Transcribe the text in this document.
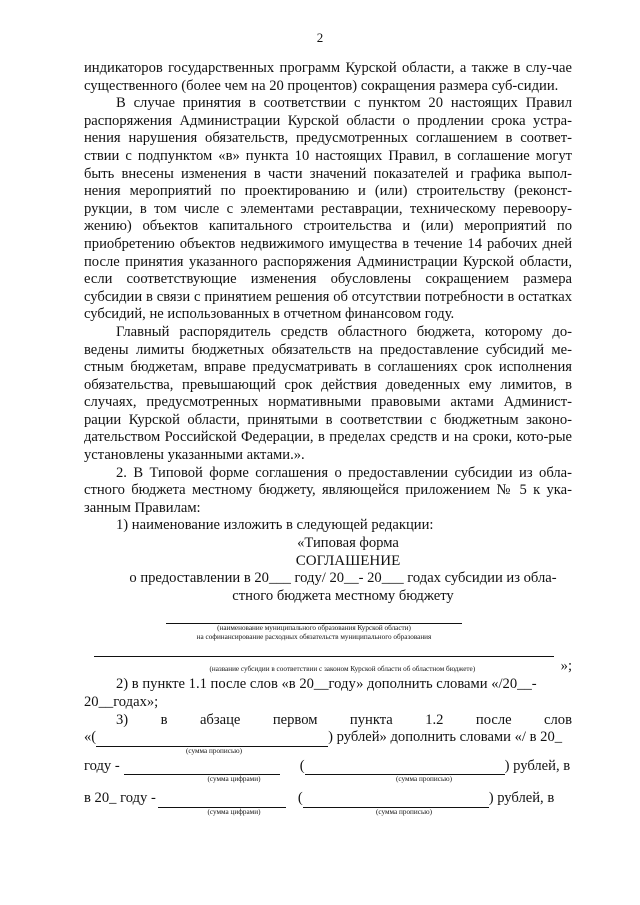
2

индикаторов государственных программ Курской области, а также в слу-чае существенного (более чем на 20 процентов) сокращения размера суб-сидии.

В случае принятия в соответствии с пунктом 20 настоящих Правил распоряжения Администрации Курской области о продлении срока устра-нения нарушения обязательств, предусмотренных соглашением в соответ-ствии с подпунктом «в» пункта 10 настоящих Правил, в соглашение могут быть внесены изменения в части значений показателей и графика выпол-нения мероприятий по проектированию и (или) строительству (реконст-рукции, в том числе с элементами реставрации, техническому перевоору-жению) объектов капитального строительства и (или) мероприятий по приобретению объектов недвижимого имущества в течение 14 рабочих дней после принятия указанного распоряжения Администрации Курской области, если соответствующие изменения обусловлены сокращением размера субсидии в связи с принятием решения об отсутствии потребности в остатках субсидий, не использованных в отчетном финансовом году.

Главный распорядитель средств областного бюджета, которому до-ведены лимиты бюджетных обязательств на предоставление субсидий ме-стным бюджетам, вправе предусматривать в соглашениях срок исполнения обязательства, превышающий срок действия доведенных ему лимитов, в случаях, предусмотренных нормативными правовыми актами Админист-рации Курской области, принятыми в соответствии с бюджетным законо-дательством Российской Федерации, в пределах средств и на сроки, кото-рые установлены указанными актами.».

2. В Типовой форме соглашения о предоставлении субсидии из обла-стного бюджета местному бюджету, являющейся приложением № 5 к ука-занным Правилам:

1) наименование изложить в следующей редакции:

«Типовая форма

СОГЛАШЕНИЕ

о предоставлении в 20___ году/ 20__- 20___ годах субсидии из обла-

стного бюджета местному бюджету

(наименование муниципального образования Курской области)
на софинансирование расходных обязательств муниципального образования
(название субсидии в соответствии с законом Курской области об областном бюджете)	»;

2) в пункте 1.1 после слов «в 20__году» дополнить словами «/20__-

20__годах»;

3) в абзаце первом пункта 1.2 после слов
«(	) рублей» дополнить словами «/ в 20_
(сумма прописью)
году -	(	) рублей, в
(сумма цифрами)	(сумма прописью)
в 20_ году -	(	) рублей, в
(сумма цифрами)	(сумма прописью)
